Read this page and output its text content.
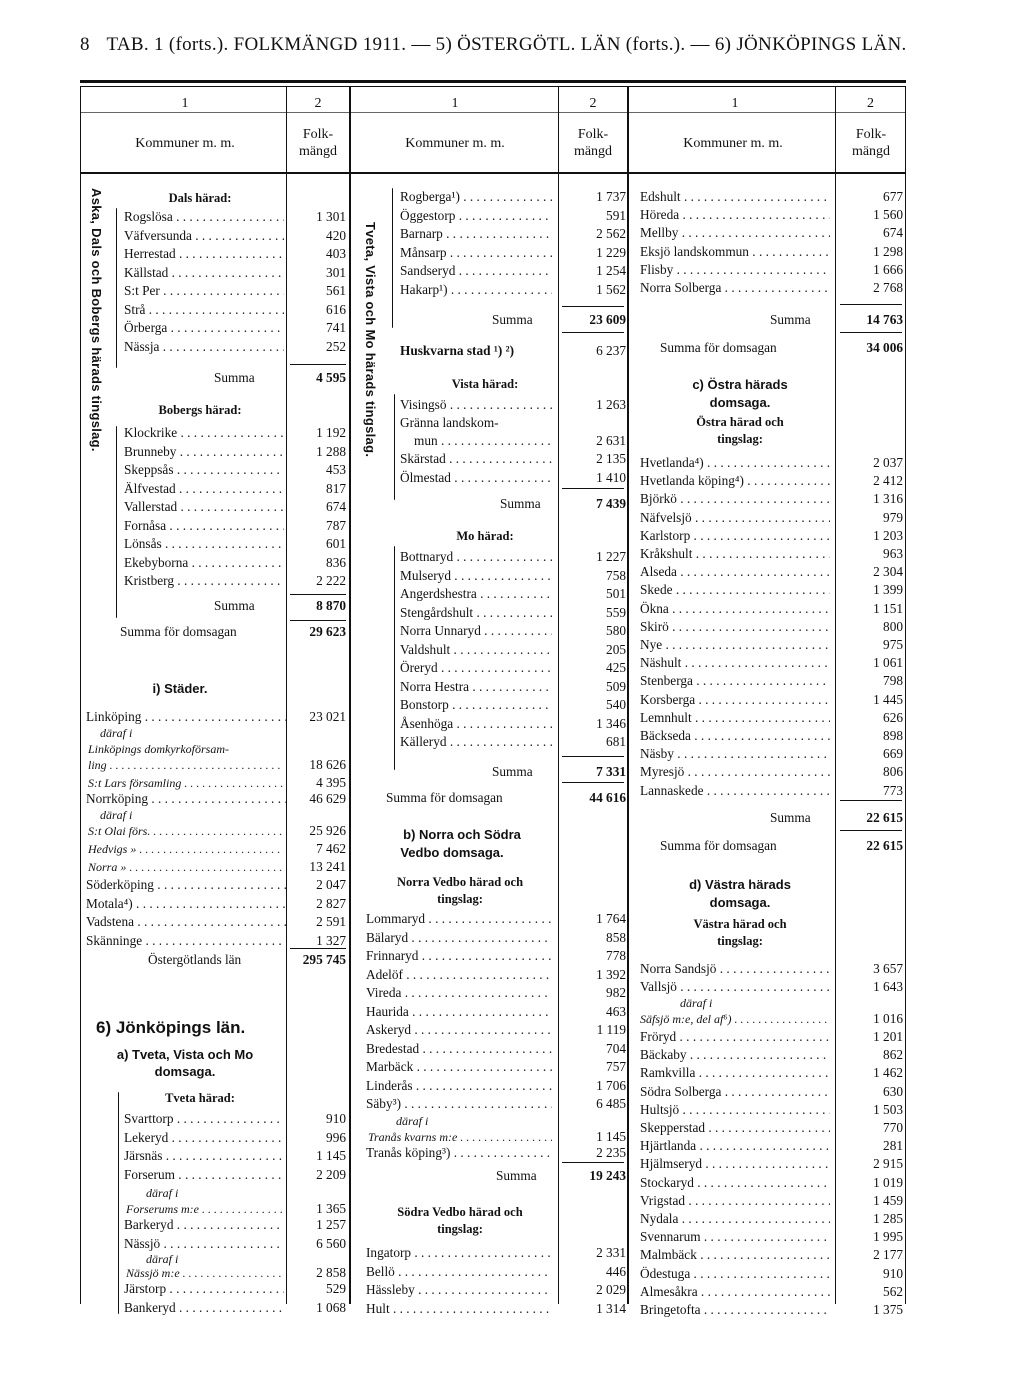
8 TAB. 1 (forts.). FOLKMÄNGD 1911. — 5) ÖSTERGÖTL. LÄN (forts.). — 6) JÖNKÖPINGS LÄN.
1	2	1	2	1	2
Kommuner m. m.
Folk-mängd
Kommuner m. m.
Folk-mängd
Kommuner m. m.
Folk-mängd
Aska, Dals och Bobergs härads tingslag.	Tveta, Vista och Mo härads tingslag.
Dals härad:
Rogslösa . . .	1 301
Väfversunda . . .	420
Herrestad . . .	403
Källstad . . .	301
S:t Per . . .	561
Strå . . .	616
Örberga . . .	741
Nässja . . .	252
Summa	4 595
Bobergs härad:
Klockrike . . .	1 192
Brunneby . . .	1 288
Skeppsås . . .	453
Älfvestad . . .	817
Vallerstad . . .	674
Fornåsa . . .	787
Lönsås . . .	601
Ekebyborna . . .	836
Kristberg . . .	2 222
Summa	8 870
Summa för domsagan	29 623
i) Städer.
Linköping . . .	23 021
däraf i
Linköpings domkyrkoförsam-
ling . . .	18 626
S:t Lars församling . . .	4 395
Norrköping . . .	46 629
däraf i
S:t Olai förs. . . .	25 926
Hedvigs » . . .	7 462
Norra » . . .	13 241
Söderköping . . .	2 047
Motala⁴) . . .	2 827
Vadstena . . .	2 591
Skänninge . . .	1 327
Östergötlands län	295 745
6) Jönköpings län.
a) Tveta, Vista och Mo
domsaga.
Tveta härad:
Svarttorp . . .	910
Lekeryd . . .	996
Järsnäs . . .	1 145
Forserum . . .	2 209
däraf i
Forserums m:e . . .	1 365
Barkeryd . . .	1 257
Nässjö . . .	6 560
däraf i
Nässjö m:e . . .	2 858
Järstorp . . .	529
Bankeryd . . .	1 068
Rogberga¹) . . .	1 737
Öggestorp . . .	591
Barnarp . . .	2 562
Månsarp . . .	1 229
Sandseryd . . .	1 254
Hakarp¹) . . .	1 562
Summa	23 609
Huskvarna stad ¹) ²)	6 237
Vista härad:
Visingsö . . .	1 263
Gränna landskom-
mun . . .	2 631
Skärstad . . .	2 135
Ölmestad . . .	1 410
Summa	7 439
Mo härad:
Bottnaryd . . .	1 227
Mulseryd . . .	758
Angerdshestra . . .	501
Stengårdshult . . .	559
Norra Unnaryd . . .	580
Valdshult . . .	205
Öreryd . . .	425
Norra Hestra . . .	509
Bonstorp . . .	540
Åsenhöga . . .	1 346
Källeryd . . .	681
Summa	7 331
Summa för domsagan	44 616
b) Norra och Södra
Vedbo domsaga.
Norra Vedbo härad och
tingslag:
Lommaryd . . .	1 764
Bälaryd . . .	858
Frinnaryd . . .	778
Adelöf . . .	1 392
Vireda . . .	982
Haurida . . .	463
Askeryd . . .	1 119
Bredestad . . .	704
Marbäck . . .	757
Linderås . . .	1 706
Säby³) . . .	6 485
däraf i
Tranås kvarns m:e . . .	1 145
Tranås köping³) . . .	2 235
Summa	19 243
Södra Vedbo härad och
tingslag:
Ingatorp . . .	2 331
Bellö . . .	446
Hässleby . . .	2 029
Hult . . .	1 314
Edshult . . .	677
Höreda . . .	1 560
Mellby . . .	674
Eksjö landskommun . . .	1 298
Flisby . . .	1 666
Norra Solberga . . .	2 768
Summa	14 763
Summa för domsagan	34 006
c) Östra härads
domsaga.
Östra härad och
tingslag:
Hvetlanda⁴) . . .	2 037
Hvetlanda köping⁴) . . .	2 412
Björkö . . .	1 316
Näfvelsjö . . .	979
Karlstorp . . .	1 203
Kråkshult . . .	963
Alseda . . .	2 304
Skede . . .	1 399
Ökna . . .	1 151
Skirö . . .	800
Nye . . .	975
Näshult . . .	1 061
Stenberga . . .	798
Korsberga . . .	1 445
Lemnhult . . .	626
Bäckseda . . .	898
Näsby . . .	669
Myresjö . . .	806
Lannaskede . . .	773
Summa	22 615
Summa för domsagan	22 615
d) Västra härads
domsaga.
Västra härad och
tingslag:
Norra Sandsjö . . .	3 657
Vallsjö . . .	1 643
däraf i
Säfsjö m:e, del af⁶) . . .	1 016
Fröryd . . .	1 201
Bäckaby . . .	862
Ramkvilla . . .	1 462
Södra Solberga . . .	630
Hultsjö . . .	1 503
Skepperstad . . .	770
Hjärtlanda . . .	281
Hjälmseryd . . .	2 915
Stockaryd . . .	1 019
Vrigstad . . .	1 459
Nydala . . .	1 285
Svennarum . . .	1 995
Malmbäck . . .	2 177
Ödestuga . . .	910
Almesåkra . . .	562
Bringetofta . . .	1 375
